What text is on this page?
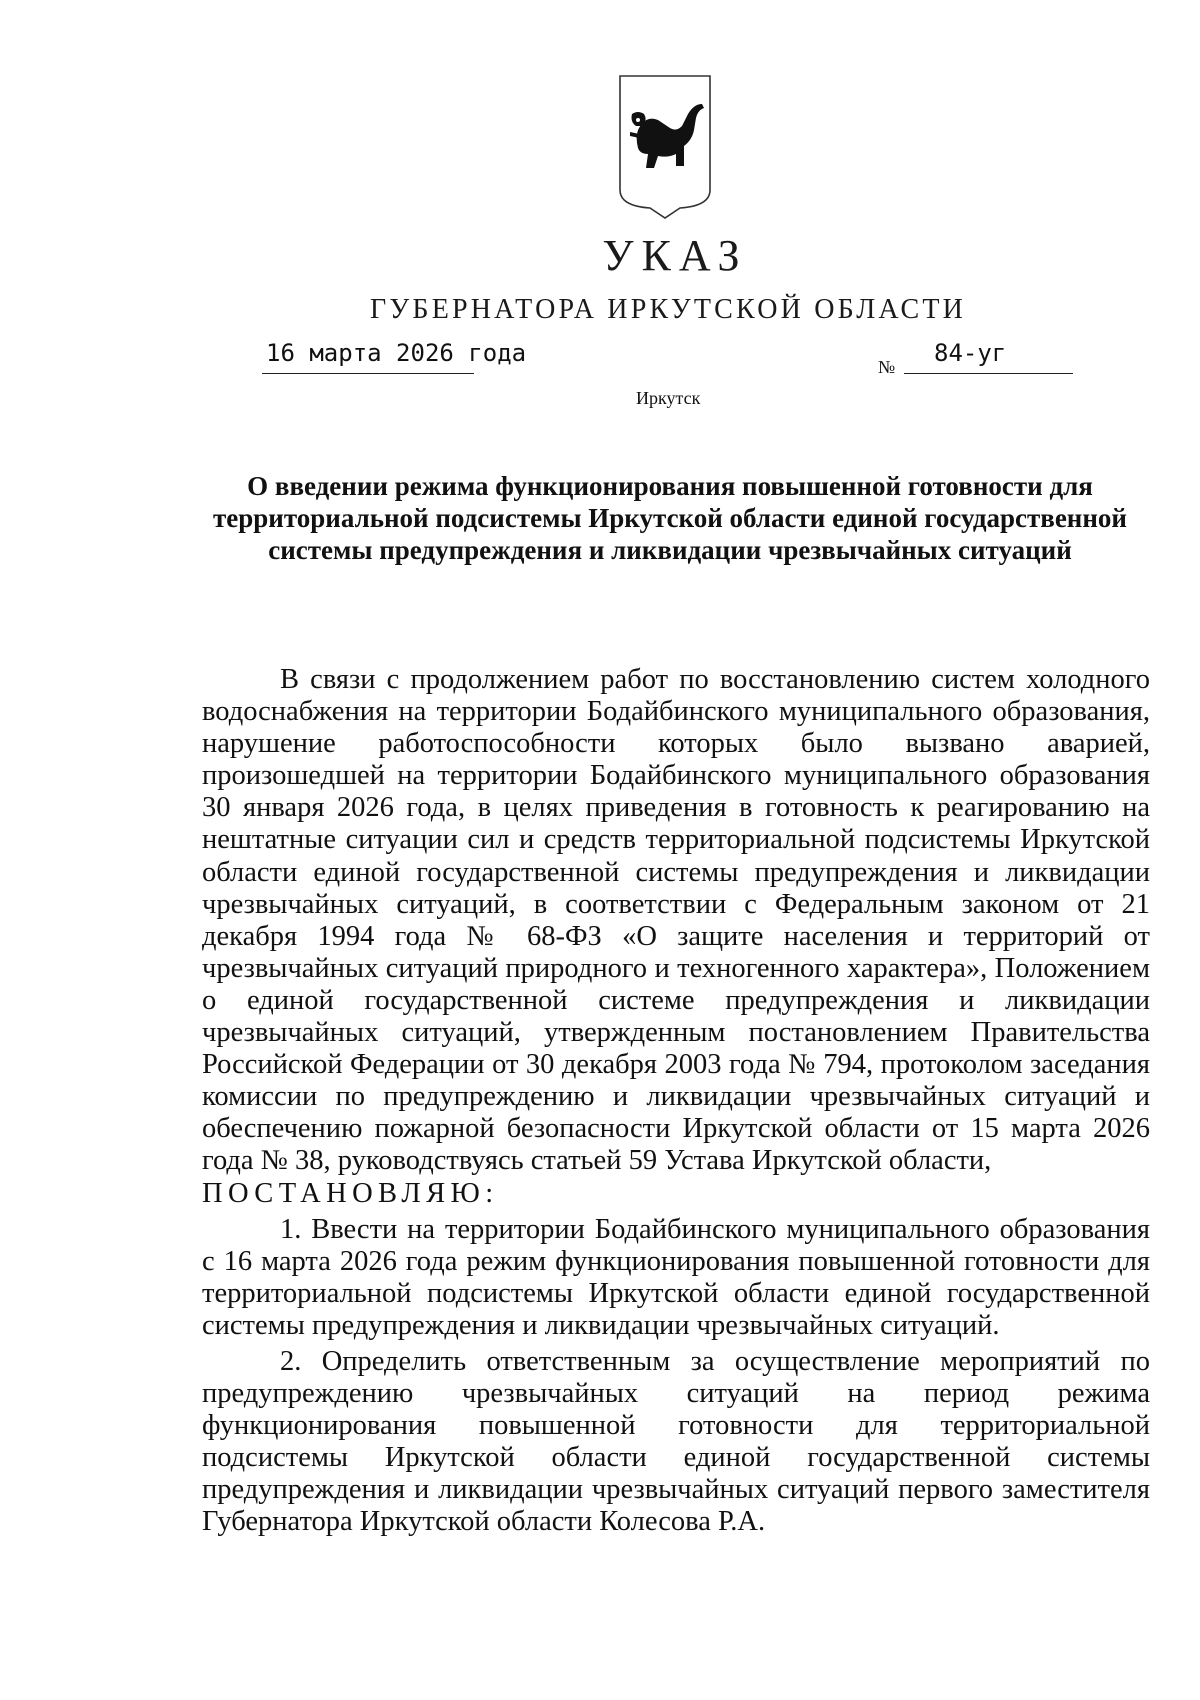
УКАЗ
ГУБЕРНАТОРА ИРКУТСКОЙ ОБЛАСТИ
16 марта 2026 года	№ 84-уг
Иркутск
О введении режима функционирования повышенной готовности для территориальной подсистемы Иркутской области единой государственной системы предупреждения и ликвидации чрезвычайных ситуаций

В связи с продолжением работ по восстановлению систем холодного водоснабжения на территории Бодайбинского муниципального образования, нарушение работоспособности которых было вызвано аварией, произошедшей на территории Бодайбинского муниципального образования 30 января 2026 года, в целях приведения в готовность к реагированию на нештатные ситуации сил и средств территориальной подсистемы Иркутской области единой государственной системы предупреждения и ликвидации чрезвычайных ситуаций, в соответствии с Федеральным законом от 21 декабря 1994 года № 68-ФЗ «О защите населения и территорий от чрезвычайных ситуаций природного и техногенного характера», Положением о единой государственной системе предупреждения и ликвидации чрезвычайных ситуаций, утвержденным постановлением Правительства Российской Федерации от 30 декабря 2003 года № 794, протоколом заседания комиссии по предупреждению и ликвидации чрезвычайных ситуаций и обеспечению пожарной безопасности Иркутской области от 15 марта 2026 года № 38, руководствуясь статьей 59 Устава Иркутской области,

ПОСТАНОВЛЯЮ:

1. Ввести на территории Бодайбинского муниципального образования с 16 марта 2026 года режим функционирования повышенной готовности для территориальной подсистемы Иркутской области единой государственной системы предупреждения и ликвидации чрезвычайных ситуаций.

2. Определить ответственным за осуществление мероприятий по предупреждению чрезвычайных ситуаций на период режима функционирования повышенной готовности для территориальной подсистемы Иркутской области единой государственной системы предупреждения и ликвидации чрезвычайных ситуаций первого заместителя Губернатора Иркутской области Колесова Р.А.
